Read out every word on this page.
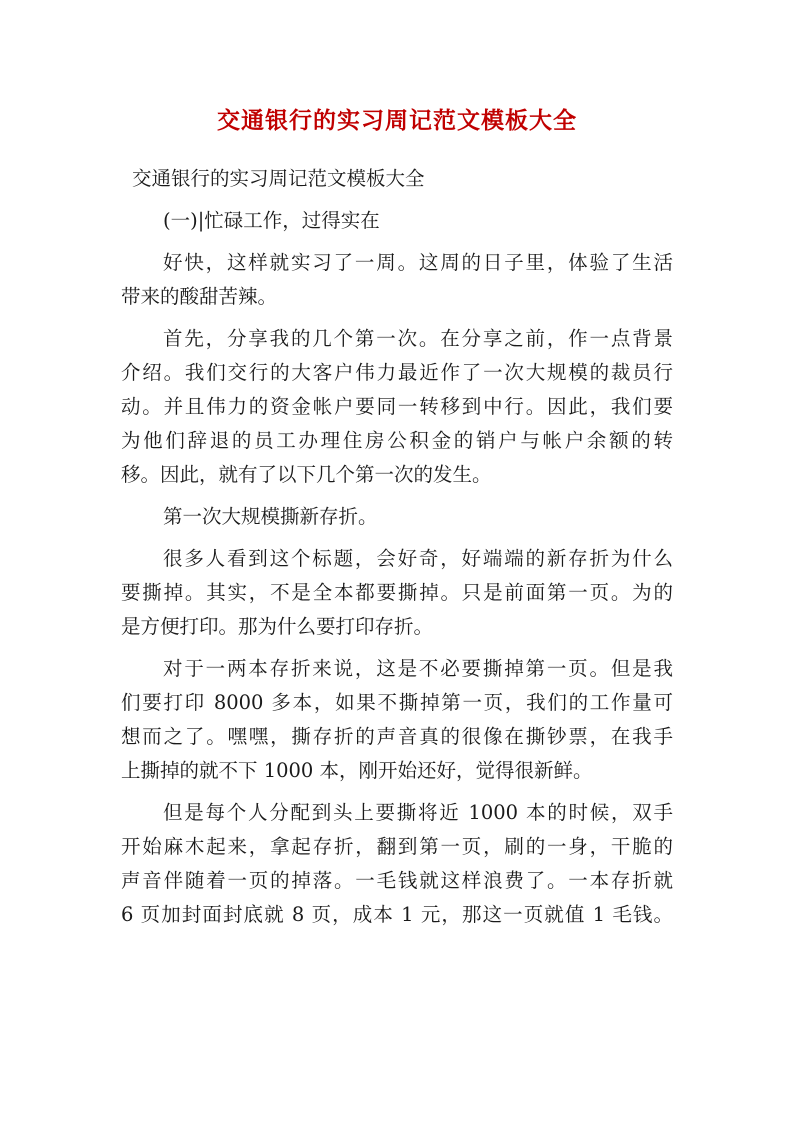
交通银行的实习周记范文模板大全
交通银行的实习周记范文模板大全
(一)|忙碌工作，过得实在
好快，这样就实习了一周。这周的日子里，体验了生活
带来的酸甜苦辣。
首先，分享我的几个第一次。在分享之前，作一点背景
介绍。我们交行的大客户伟力最近作了一次大规模的裁员行
动。并且伟力的资金帐户要同一转移到中行。因此，我们要
为他们辞退的员工办理住房公积金的销户与帐户余额的转
移。因此，就有了以下几个第一次的发生。
第一次大规模撕新存折。
很多人看到这个标题，会好奇，好端端的新存折为什么
要撕掉。其实，不是全本都要撕掉。只是前面第一页。为的
是方便打印。那为什么要打印存折。
对于一两本存折来说，这是不必要撕掉第一页。但是我
们要打印 8000 多本，如果不撕掉第一页，我们的工作量可
想而之了。嘿嘿，撕存折的声音真的很像在撕钞票，在我手
上撕掉的就不下 1000 本，刚开始还好，觉得很新鲜。
但是每个人分配到头上要撕将近 1000 本的时候，双手
开始麻木起来，拿起存折，翻到第一页，刷的一身，干脆的
声音伴随着一页的掉落。一毛钱就这样浪费了。一本存折就
6 页加封面封底就 8 页，成本 1 元，那这一页就值 1 毛钱。
